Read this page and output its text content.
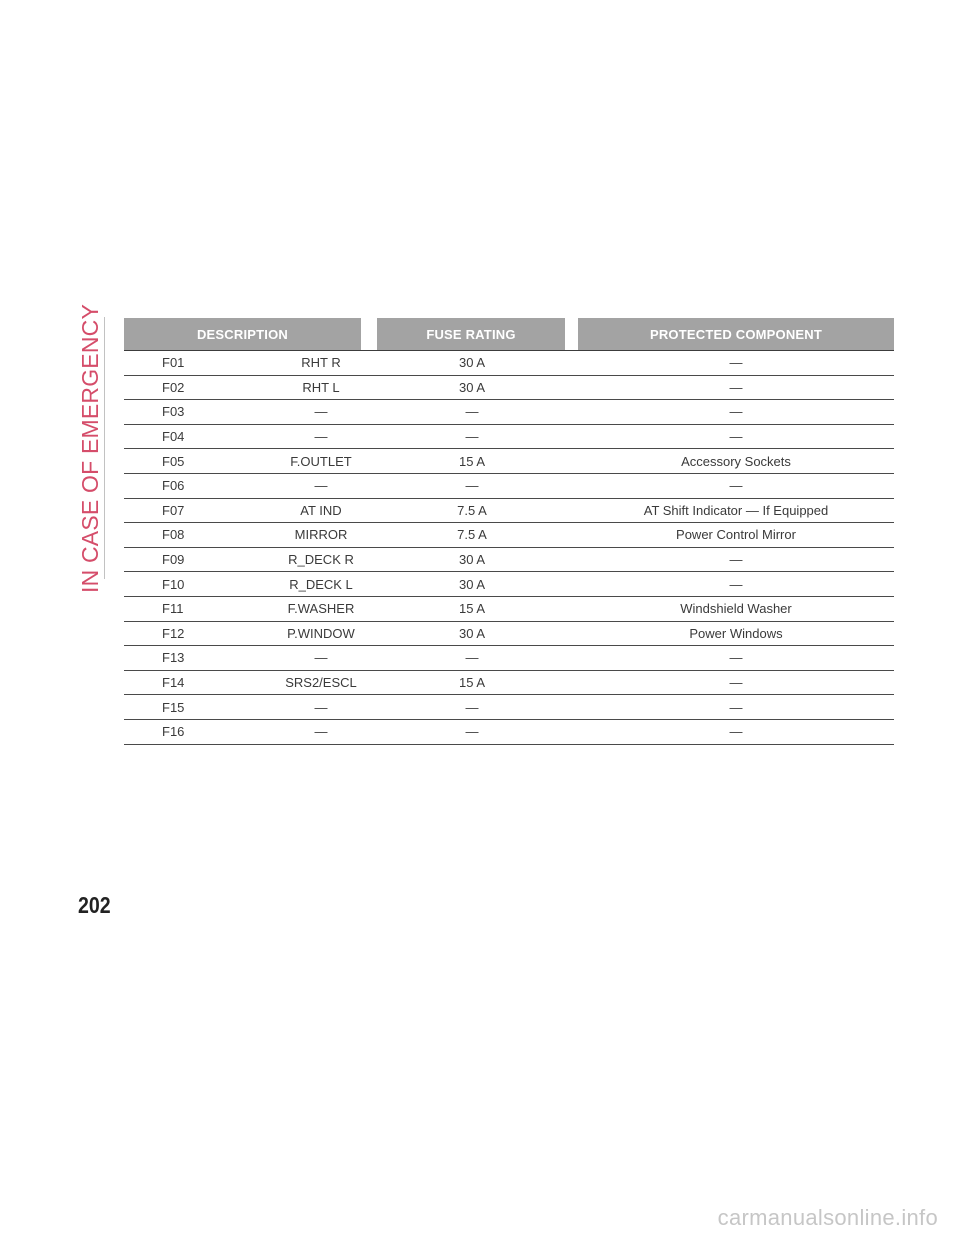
IN CASE OF EMERGENCY	DESCRIPTION	FUSE RATING	PROTECTED COMPONENT
F01	RHT R	30 A	—
F02	RHT L	30 A	—
F03	—	—	—
F04	—	—	—
F05	F.OUTLET	15 A	Accessory Sockets
F06	—	—	—
F07	AT IND	7.5 A	AT Shift Indicator — If Equipped
F08	MIRROR	7.5 A	Power Control Mirror
F09	R_DECK R	30 A	—
F10	R_DECK L	30 A	—
F11	F.WASHER	15 A	Windshield Washer
F12	P.WINDOW	30 A	Power Windows
F13	—	—	—
F14	SRS2/ESCL	15 A	—
F15	—	—	—
F16	—	—	—
202
carmanualsonline.info
